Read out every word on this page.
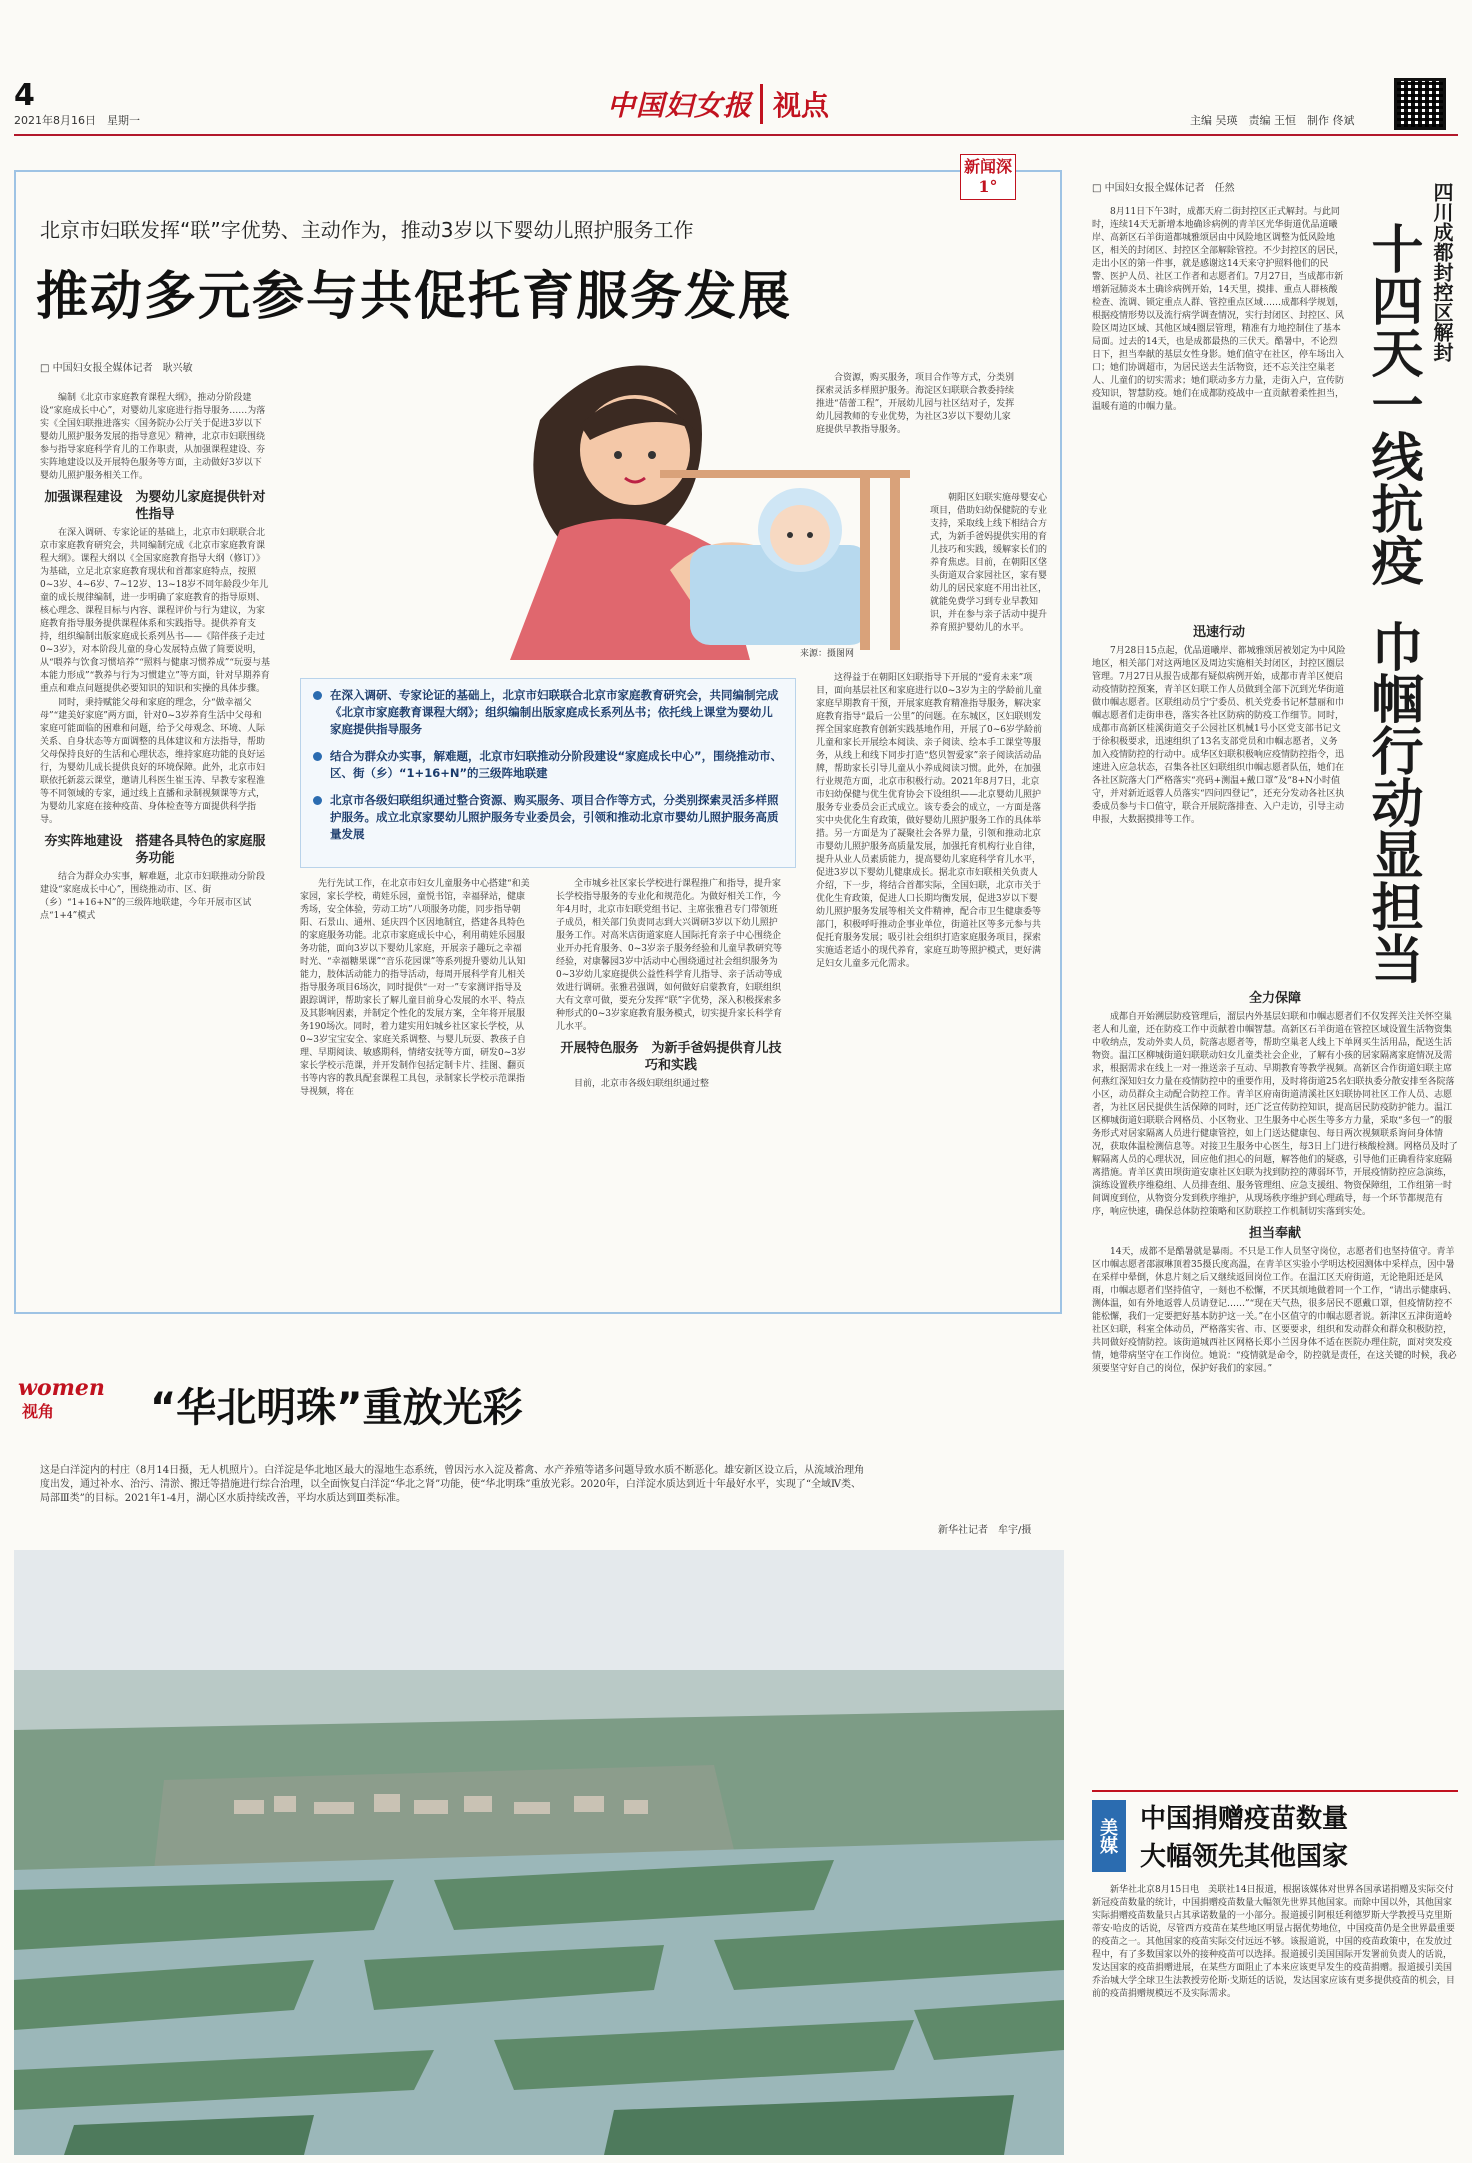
4
2021年8月16日　星期一	中国妇女报 视点	主编 吴瑛　责编 王恒　制作 佟斌
新闻深1°
北京市妇联发挥“联”字优势、主动作为，推动3岁以下婴幼儿照护服务工作
推动多元参与共促托育服务发展
□ 中国妇女报全媒体记者　耿兴敏
来源：摄图网
在深入调研、专家论证的基础上，北京市妇联联合北京市家庭教育研究会，共同编制完成《北京市家庭教育课程大纲》；组织编制出版家庭成长系列丛书；依托线上课堂为婴幼儿家庭提供指导服务
结合为群众办实事，解难题，北京市妇联推动分阶段建设“家庭成长中心”，围绕推动市、区、街（乡）“1+16+N”的三级阵地联建
北京市各级妇联组织通过整合资源、购买服务、项目合作等方式，分类别探索灵活多样照护服务。成立北京家婴幼儿照护服务专业委员会，引领和推动北京市婴幼儿照护服务高质量发展

编制《北京市家庭教育课程大纲》，推动分阶段建设“家庭成长中心”，对婴幼儿家庭进行指导服务……为落实《全国妇联推进落实〈国务院办公厅关于促进3岁以下婴幼儿照护服务发展的指导意见〉精神，北京市妇联围绕参与指导家庭科学育儿的工作职责，从加强课程建设、夯实阵地建设以及开展特色服务等方面，主动做好3岁以下婴幼儿照护服务相关工作。

加强课程建设　为婴幼儿家庭提供针对性指导

在深入调研、专家论证的基础上，北京市妇联联合北京市家庭教育研究会，共同编制完成《北京市家庭教育课程大纲》。课程大纲以《全国家庭教育指导大纲（修订）》为基础，立足北京家庭教育现状和首都家庭特点，按照0~3岁、4~6岁、7~12岁、13~18岁不同年龄段少年儿童的成长规律编制，进一步明确了家庭教育的指导原则、核心理念、课程目标与内容、课程评价与行为建议，为家庭教育指导服务提供课程体系和实践指导。提供养育支持，组织编制出版家庭成长系列丛书——《陪伴孩子走过0~3岁》，对本阶段儿童的身心发展特点做了简要说明，从“喂养与饮食习惯培养”“照料与健康习惯养成”“玩耍与基本能力形成”“教养与行为习惯建立”等方面，针对早期养育重点和难点问题提供必要知识的知识和实操的具体步骤。

同时，秉持赋能父母和家庭的理念，分“做幸福父母”“建美好家庭”两方面，针对0~3岁养育生活中父母和家庭可能面临的困难和问题，给予父母观念、环境、人际关系、自身状态等方面调整的具体建议和方法指导，帮助父母保持良好的生活和心理状态，维持家庭功能的良好运行，为婴幼儿成长提供良好的环境保障。此外，北京市妇联依托新蕊云课堂，邀请儿科医生崔玉涛、早教专家程淮等不同领域的专家，通过线上直播和录制视频课等方式，为婴幼儿家庭在接种疫苗、身体检查等方面提供科学指导。

夯实阵地建设　搭建各具特色的家庭服务功能

结合为群众办实事，解难题，北京市妇联推动分阶段建设“家庭成长中心”，围绕推动市、区、街（乡）“1+16+N”的三级阵地联建，今年开展市区试点“1+4”模式

先行先试工作，在北京市妇女儿童服务中心搭建“和美家园，家长学校，萌娃乐园，童悦书馆，幸福驿站，健康秀场，安全体验，劳动工坊”八项服务功能，同步指导朝阳、石景山、通州、延庆四个区因地制宜，搭建各具特色的家庭服务功能。北京市家庭成长中心，利用萌娃乐园服务功能，面向3岁以下婴幼儿家庭，开展亲子趣玩之幸福时光、“幸福糖果课”“音乐花园课”等系列提升婴幼儿认知能力，肢体活动能力的指导活动，每周开展科学育儿相关指导服务项目6场次，同时提供“一对一”专家测评指导及跟踪调评，帮助家长了解儿童目前身心发展的水平、特点及其影响因素，并制定个性化的发展方案，全年将开展服务190场次。同时，着力建实用妇城乡社区家长学校，从0~3岁宝宝安全、家庭关系调整、与婴儿玩耍、教孩子自理、早期阅读、敏感期科，情绪安抚等方面，研发0~3岁家长学校示范课，并开发制作包括定制卡片、挂图、翻页书等内容的教具配套课程工具包，录制家长学校示范课指导视频，将在

全市城乡社区家长学校进行课程推广和指导，提升家长学校指导服务的专业化和规范化。为做好相关工作，今年4月时，北京市妇联党组书记、主席张雅君专门带领班子成员，相关部门负责同志到大兴调研3岁以下幼儿照护服务工作。对高米店街道家庭人国际托育亲子中心围绕企业开办托育服务、0~3岁亲子服务经验和儿童早教研究等经验，对康馨园3岁中活动中心围绕通过社会组织服务为0~3岁幼儿家庭提供公益性科学育儿指导、亲子活动等成效进行调研。张雅君强调，如何做好启蒙教育，妇联组织大有文章可做，要充分发挥“联”字优势，深入积极探索多种形式的0~3岁家庭教育服务模式，切实提升家长科学育儿水平。

开展特色服务　为新手爸妈提供育儿技巧和实践

目前，北京市各级妇联组织通过整

合资源，购买服务，项目合作等方式，分类别探索灵活多样照护服务。海淀区妇联联合教委持续推进“蓓蕾工程”，开展幼儿园与社区结对子，发挥幼儿园教师的专业优势，为社区3岁以下婴幼儿家庭提供早教指导服务。

朝阳区妇联实施母婴安心项目，借助妇幼保健院的专业支持，采取线上线下相结合方式，为新手爸妈提供实用的育儿技巧和实践，缓解家长们的养育焦虑。目前，在朝阳区垡头街道双合家园社区，家有婴幼儿的居民家庭不用出社区，就能免费学习到专业早教知识，并在参与亲子活动中提升养育照护婴幼儿的水平。

这得益于在朝阳区妇联指导下开展的“爱育未来”项目，面向基层社区和家庭进行以0~3岁为主的学龄前儿童家庭早期教育干预，开展家庭教育精准指导服务，解决家庭教育指导“最后一公里”的问题。在东城区，区妇联则发挥全国家庭教育创新实践基地作用，开展了0~6岁学龄前儿童和家长开展绘本阅读、亲子阅读、绘本手工课堂等服务，从线上和线下同步打造“悠贝智爱家”亲子阅读活动品牌，帮助家长引导儿童从小养成阅读习惯。此外，在加强行业规范方面，北京市积极行动。2021年8月7日，北京市妇幼保健与优生优育协会下设组织——北京婴幼儿照护服务专业委员会正式成立。该专委会的成立，一方面是落实中央优化生育政策，做好婴幼儿照护服务工作的具体举措。另一方面是为了凝聚社会各界力量，引领和推动北京市婴幼儿照护服务高质量发展，加强托育机构行业自律，提升从业人员素质能力，提高婴幼儿家庭科学育儿水平，促进3岁以下婴幼儿健康成长。据北京市妇联相关负责人介绍，下一步，将结合首都实际，全国妇联，北京市关于优化生育政策，促进人口长期均衡发展，促进3岁以下婴幼儿照护服务发展等相关文件精神，配合市卫生健康委等部门，积极呼吁推动企事业单位，街道社区等多元参与共促托育服务发展；吸引社会组织打造家庭服务项目，探索实施适老适小的现代养育，家庭互助等照护模式，更好满足妇女儿童多元化需求。

□ 中国妇女报全媒体记者　任然	四川成都封控区解封
十四天一线抗疫
巾帼行动显担当

8月11日下午3时，成都天府二街封控区正式解封。与此同时，连续14天无新增本地确诊病例的青羊区光华街道优品道曦岸、高新区石羊街道都城雅颂居由中风险地区调整为低风险地区，相关的封闭区、封控区全部解除管控。不少封控区的居民，走出小区的第一件事，就是感谢这14天来守护照料他们的民警、医护人员、社区工作者和志愿者们。7月27日，当成都市新增新冠肺炎本土确诊病例开始，14天里，摸排、重点人群核酸检查、流调、锁定重点人群、管控重点区域……成都科学规划，根据疫情形势以及流行病学调查情况，实行封闭区、封控区、风险区周边区域、其他区域4圈层管理，精准有力地控制住了基本局面。过去的14天，也是成都最热的三伏天。酷暑中，不论烈日下，担当奉献的基层女性身影。她们值守在社区，停车场出入口；她们协调超市，为居民送去生活物资，还不忘关注空巢老人、儿童们的切实需求；她们联动多方力量，走街入户，宣传防疫知识，智慧防疫。她们在成都防疫战中一直贡献着柔性担当，温暖有道的巾帼力量。

迅速行动

7月28日15点起，优品道曦岸、都城雅颂居被划定为中风险地区，相关部门对这两地区及周边实施相关封闭区，封控区圈层管理。7月27日从报告成都有疑似病例开始，成都市青羊区便启动疫情防控预案，青羊区妇联工作人员做到全部下沉到光华街道做巾帼志愿者。区联组动员宁宁委员、机关党委书记杯慧丽和巾帼志愿者们走街串巷，落实各社区防病的防疫工作细节。同时，成都市高新区桂溪街道交子公园社区机械1号小区党支部书记文于徐积极要求，迅速组织了13名支部党员和巾帼志愿者，义务加入疫情防控的行动中。成华区妇联积极响应疫情防控指令，迅速进入应急状态，召集各社区妇联组织巾帼志愿者队伍，她们在各社区院落大门严格落实“亮码+测温+戴口罩”及“8+N小时值守，并对新近返蓉人员落实“四问四登记”，还充分发动各社区执委成员参与卡口值守，联合开展院落排查、入户走访，引导主动申报，大数据摸排等工作。

全力保障

成都自开始溯层防疫管理后，溜层内外基层妇联和巾帼志愿者们不仅发挥关注关怀空巢老人和儿童，还在防疫工作中贡献着巾帼智慧。高新区石羊街道在管控区域设置生活物资集中收纳点，发动外卖人员，院落志愿者等，帮助空巢老人线上下单网买生活用品，配送生活物资。温江区柳城街道妇联联动妇女儿童类社会企业，了解有小孩的居家隔离家庭情况及需求，根据需求在线上一对一推送亲子互动、早期教育等教学视频。高新区合作街道妇联主席何燕红深知妇女力量在疫情防控中的重要作用，及时将街道25名妇联执委分散安排至各院落小区，动员群众主动配合防控工作。青羊区府南街道清溪社区妇联协同社区工作人员、志愿者，为社区居民提供生活保障的同时，还广泛宣传防控知识，提高居民防疫防护能力。温江区柳城街道妇联联合网格员、小区物业、卫生服务中心医生等多方力量，采取“多包一”的服务形式对居家隔离人员进行健康管控，如上门送达健康包、每日两次视频联系询问身体情况，获取体温检测信息等。对接卫生服务中心医生，每3日上门进行核酸检测。网格员及时了解隔离人员的心理状况，回应他们担心的问题，解答他们的疑惑，引导他们正确看待家庭隔离措施。青羊区黄田坝街道安康社区妇联为找到防控的薄弱环节，开展疫情防控应急演练，演练设置秩序维稳组、人员排查组、服务管理组、应急支援组、物资保障组，工作组第一时间调度到位，从物资分发到秩序维护，从现场秩序维护到心理疏导，每一个环节都规范有序，响应快速，确保总体防控策略和区防联控工作机制切实落到实处。

担当奉献

14天，成都不是酷暑就是暴雨。不只是工作人员坚守岗位，志愿者们也坚持值守。青羊区巾帼志愿者邵淑琳顶着35摄氏度高温，在青羊区实验小学明达校园测体中采样点，因中暑在采样中晕倒，休息片刻之后又继续返回岗位工作。在温江区天府街道，无论艳阳还是风雨，巾帼志愿者们坚持值守，一刻也不松懈，不厌其烦地做着同一个工作，“请出示健康码、测体温，如有外地返蓉人员请登记……”“现在天气热，很多居民不愿戴口罩，但疫情防控不能松懈，我们一定要把好基本防护这一关。”在小区值守的巾帼志愿者说。新津区五津街道岭社区妇联，科室全体动员，严格落实省、市、区要要求，组织和发动群众和群众积极防控，共同做好疫情防控。该街道城西社区网格长郑小兰因身体不适在医院办理住院，面对突发疫情，她带病坚守在工作岗位。她说：“疫情就是命令，防控就是责任，在这关键的时候，我必须要坚守好自己的岗位，保护好我们的家园。”

美媒 中国捐赠疫苗数量
大幅领先其他国家

新华社北京8月15日电　美联社14日报道，根据该媒体对世界各国承诺捐赠及实际交付新冠疫苗数量的统计，中国捐赠疫苗数量大幅领先世界其他国家。而除中国以外，其他国家实际捐赠疫苗数量只占其承诺数量的一小部分。报道援引阿根廷利德罗斯大学教授马克里斯蒂安·哈皮的话说，尽管西方疫苗在某些地区明显占据优势地位，中国疫苗仍是全世界最重要的疫苗之一。其他国家的疫苗实际交付远远不够。该报道说，中国的疫苗政策中，在发放过程中，有了多数国家以外的接种疫苗可以选择。报道援引美国国际开发署前负责人的话说，发达国家的疫苗捐赠进展，在某些方面阻止了本来应该更早发生的疫苗捐赠。报道援引美国乔治城大学全球卫生法教授劳伦斯·戈斯廷的话说，发达国家应该有更多提供疫苗的机会，目前的疫苗捐赠规模远不及实际需求。

women
视角	“华北明珠”重放光彩
这是白洋淀内的村庄（8月14日摄，无人机照片）。白洋淀是华北地区最大的湿地生态系统，曾因污水入淀及蓄禽、水产养殖等诸多问题导致水质不断恶化。雄安新区设立后，从流域治理角度出发，通过补水、治污、清淤、搬迁等措施进行综合治理，以全面恢复白洋淀“华北之肾”功能，使“华北明珠”重放光彩。2020年，白洋淀水质达到近十年最好水平，实现了“全域Ⅳ类、局部Ⅲ类”的目标。2021年1-4月，湖心区水质持续改善，平均水质达到Ⅲ类标准。
新华社记者　牟宇/摄
